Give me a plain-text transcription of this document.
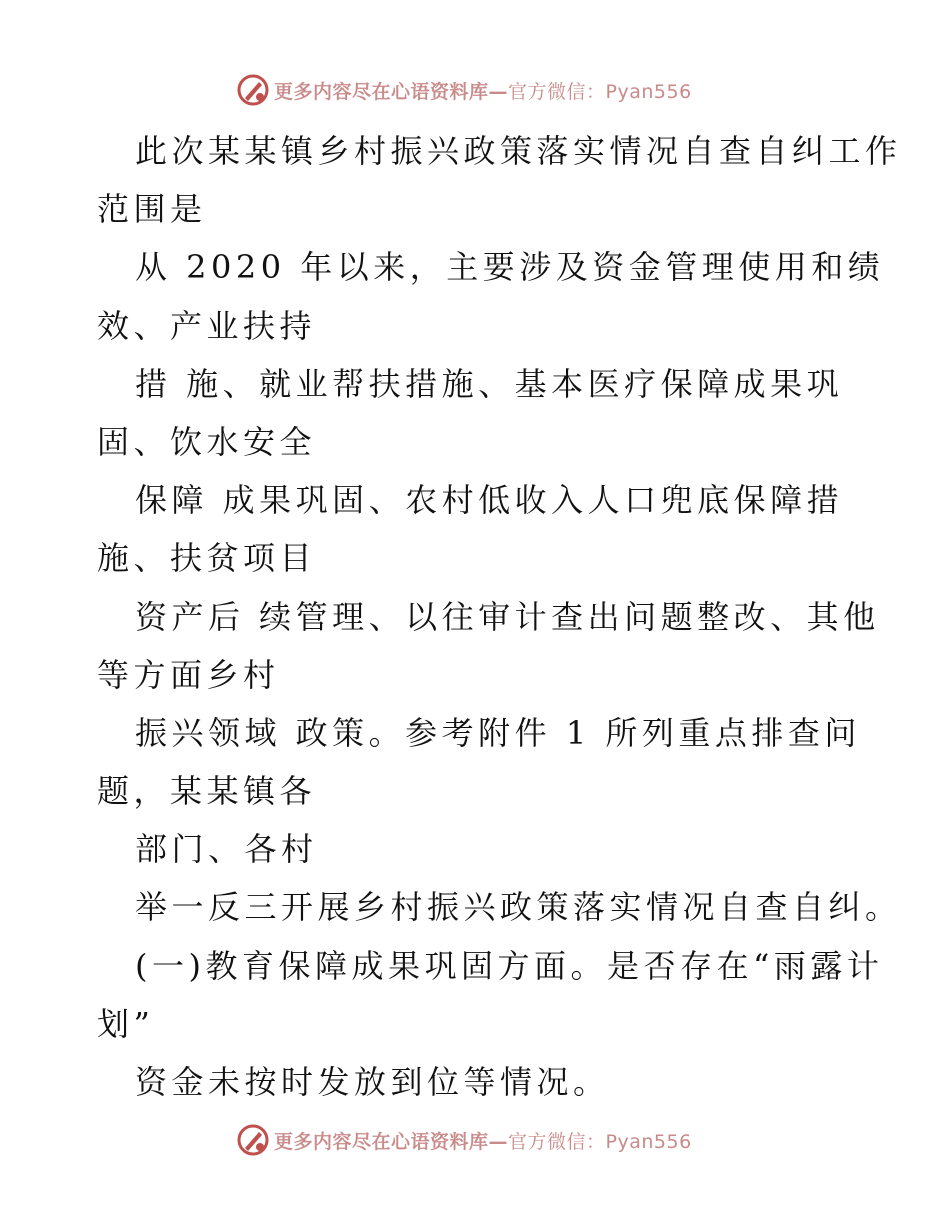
更多内容尽在心语资料库—官方微信：Pyan556
此次某某镇乡村振兴政策落实情况自查自纠工作
范围是
从 2020 年以来，主要涉及资金管理使用和绩
效、产业扶持
措 施、就业帮扶措施、基本医疗保障成果巩
固、饮水安全
保障 成果巩固、农村低收入人口兜底保障措
施、扶贫项目
资产后 续管理、以往审计查出问题整改、其他
等方面乡村
振兴领域 政策。参考附件 1 所列重点排查问
题，某某镇各
部门、各村
举一反三开展乡村振兴政策落实情况自查自纠。
(一)教育保障成果巩固方面。是否存在“雨露计
划”
资金未按时发放到位等情况。
更多内容尽在心语资料库—官方微信：Pyan556
